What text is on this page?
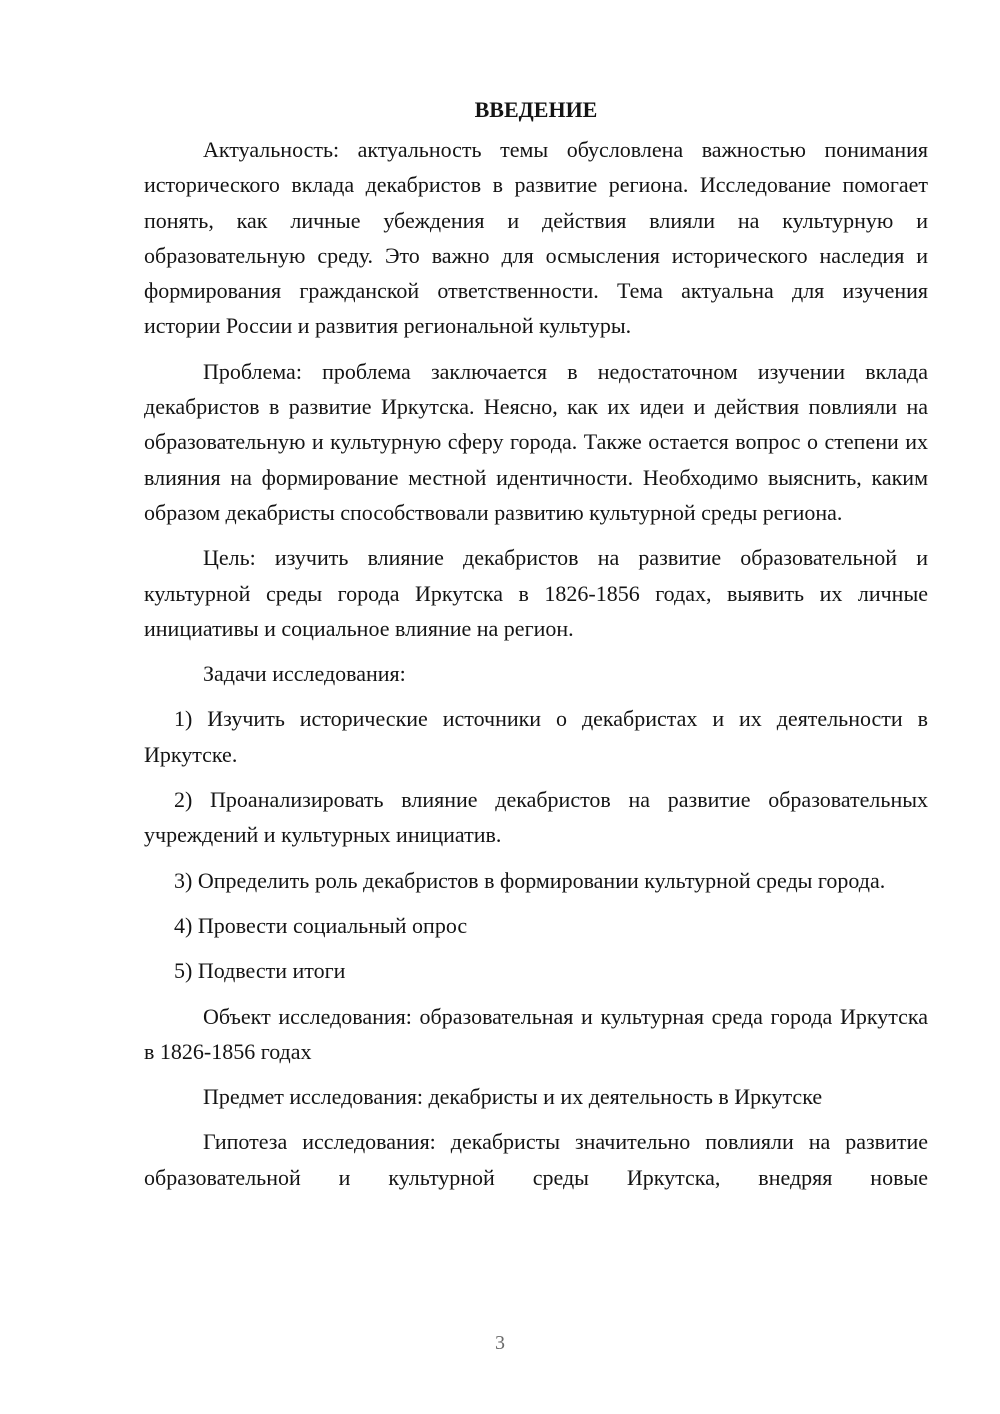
ВВЕДЕНИЕ

Актуальность: актуальность темы обусловлена важностью понимания исторического вклада декабристов в развитие региона. Исследование помогает понять, как личные убеждения и действия влияли на культурную и образовательную среду. Это важно для осмысления исторического наследия и формирования гражданской ответственности. Тема актуальна для изучения истории России и развития региональной культуры.

Проблема: проблема заключается в недостаточном изучении вклада декабристов в развитие Иркутска. Неясно, как их идеи и действия повлияли на образовательную и культурную сферу города. Также остается вопрос о степени их влияния на формирование местной идентичности. Необходимо выяснить, каким образом декабристы способствовали развитию культурной среды региона.

Цель: изучить влияние декабристов на развитие образовательной и культурной среды города Иркутска в 1826-1856 годах, выявить их личные инициативы и социальное влияние на регион.

Задачи исследования:

1) Изучить исторические источники о декабристах и их деятельности в Иркутске.

2) Проанализировать влияние декабристов на развитие образовательных учреждений и культурных инициатив.

3) Определить роль декабристов в формировании культурной среды города.

4) Провести социальный опрос

5) Подвести итоги

Объект исследования: образовательная и культурная среда города Иркутска в 1826-1856 годах

Предмет исследования: декабристы и их деятельность в Иркутске

Гипотеза исследования: декабристы значительно повлияли на развитие образовательной и культурной среды Иркутска, внедряя новые

3
